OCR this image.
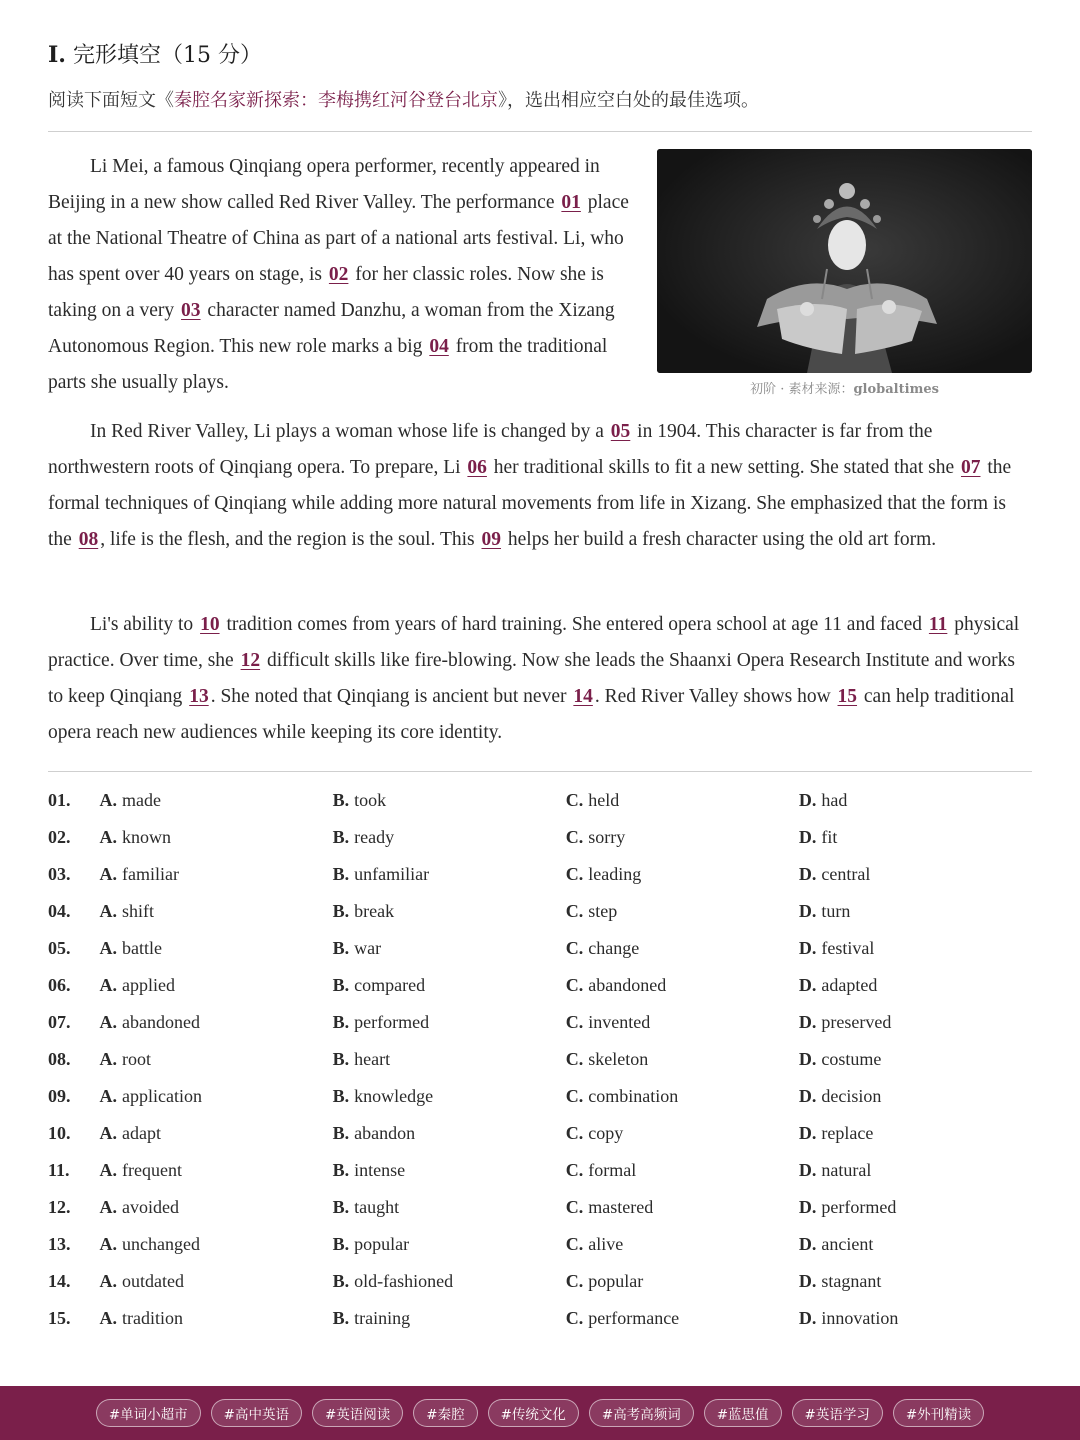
I. 完形填空（15 分）
阅读下面短文《秦腔名家新探索：李梅携红河谷登台北京》，选出相应空白处的最佳选项。
初阶 · 素材来源：globaltimes

Li Mei, a famous Qinqiang opera performer, recently appeared in Beijing in a new show called Red River Valley. The performance 01 place at the National Theatre of China as part of a national arts festival. Li, who has spent over 40 years on stage, is 02 for her classic roles. Now she is taking on a very 03 character named Danzhu, a woman from the Xizang Autonomous Region. This new role marks a big 04 from the traditional parts she usually plays.

In Red River Valley, Li plays a woman whose life is changed by a 05 in 1904. This character is far from the northwestern roots of Qinqiang opera. To prepare, Li 06 her traditional skills to fit a new setting. She stated that she 07 the formal techniques of Qinqiang while adding more natural movements from life in Xizang. She emphasized that the form is the 08 , life is the flesh, and the region is the soul. This 09 helps her build a fresh character using the old art form.

Li's ability to 10 tradition comes from years of hard training. She entered opera school at age 11 and faced 11 physical practice. Over time, she 12 difficult skills like fire-blowing. Now she leads the Shaanxi Opera Research Institute and works to keep Qinqiang 13 . She noted that Qinqiang is ancient but never 14 . Red River Valley shows how 15 can help traditional opera reach new audiences while keeping its core identity.

01.	A. made	B. took	C. held	D. had
02.	A. known	B. ready	C. sorry	D. fit
03.	A. familiar	B. unfamiliar	C. leading	D. central
04.	A. shift	B. break	C. step	D. turn
05.	A. battle	B. war	C. change	D. festival
06.	A. applied	B. compared	C. abandoned	D. adapted
07.	A. abandoned	B. performed	C. invented	D. preserved
08.	A. root	B. heart	C. skeleton	D. costume
09.	A. application	B. knowledge	C. combination	D. decision
10.	A. adapt	B. abandon	C. copy	D. replace
11.	A. frequent	B. intense	C. formal	D. natural
12.	A. avoided	B. taught	C. mastered	D. performed
13.	A. unchanged	B. popular	C. alive	D. ancient
14.	A. outdated	B. old-fashioned	C. popular	D. stagnant
15.	A. tradition	B. training	C. performance	D. innovation
#单词小超市	#高中英语	#英语阅读	#秦腔	#传统文化	#高考高频词	#蓝思值	#英语学习	#外刊精读
